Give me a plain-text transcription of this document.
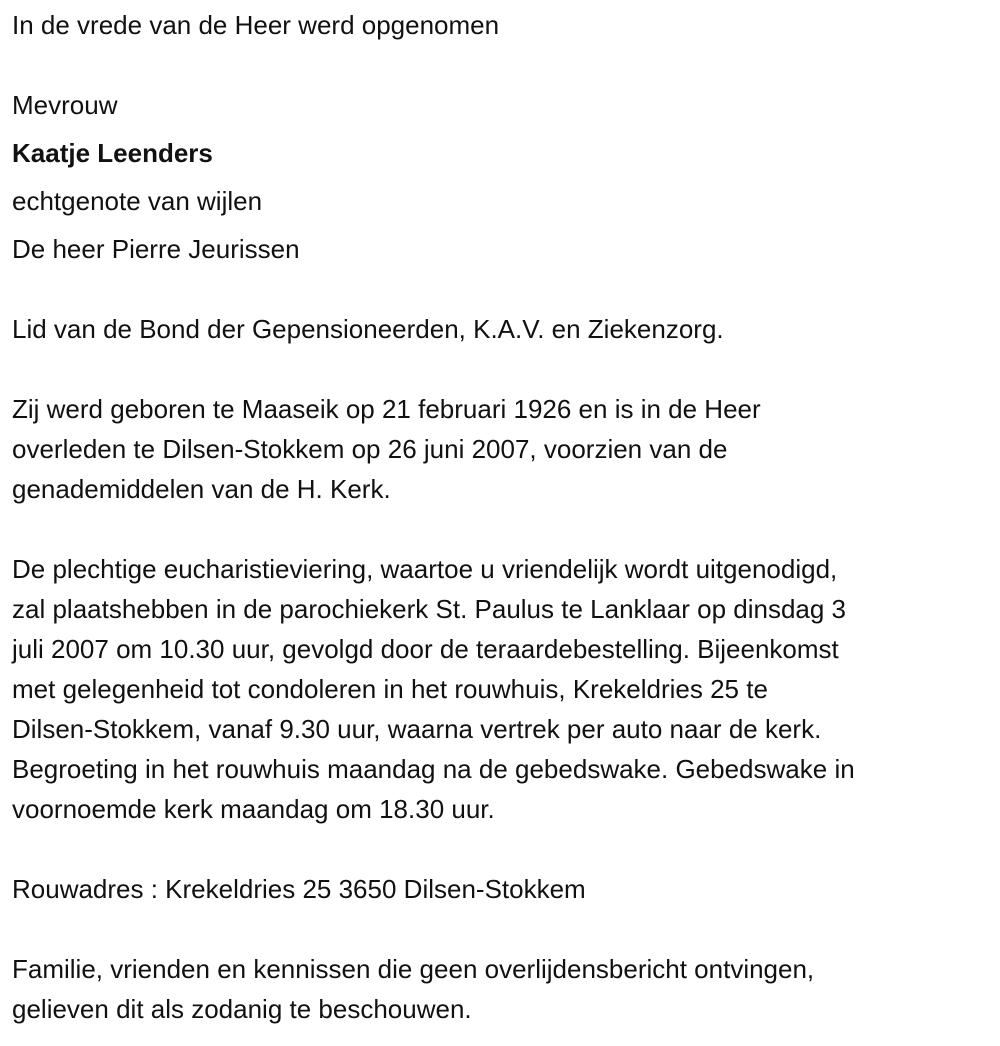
In de vrede van de Heer werd opgenomen
Mevrouw
Kaatje Leenders
echtgenote van wijlen
De heer Pierre Jeurissen
Lid van de Bond der Gepensioneerden, K.A.V. en Ziekenzorg.
Zij werd geboren te Maaseik op 21 februari 1926 en is in de Heer
overleden te Dilsen-Stokkem op 26 juni 2007, voorzien van de
genademiddelen van de H. Kerk.
De plechtige eucharistieviering, waartoe u vriendelijk wordt uitgenodigd,
zal plaatshebben in de parochiekerk St. Paulus te Lanklaar op dinsdag 3
juli 2007 om 10.30 uur, gevolgd door de teraardebestelling. Bijeenkomst
met gelegenheid tot condoleren in het rouwhuis, Krekeldries 25 te
Dilsen-Stokkem, vanaf 9.30 uur, waarna vertrek per auto naar de kerk.
Begroeting in het rouwhuis maandag na de gebedswake. Gebedswake in
voornoemde kerk maandag om 18.30 uur.
Rouwadres : Krekeldries 25 3650 Dilsen-Stokkem
Familie, vrienden en kennissen die geen overlijdensbericht ontvingen,
gelieven dit als zodanig te beschouwen.
